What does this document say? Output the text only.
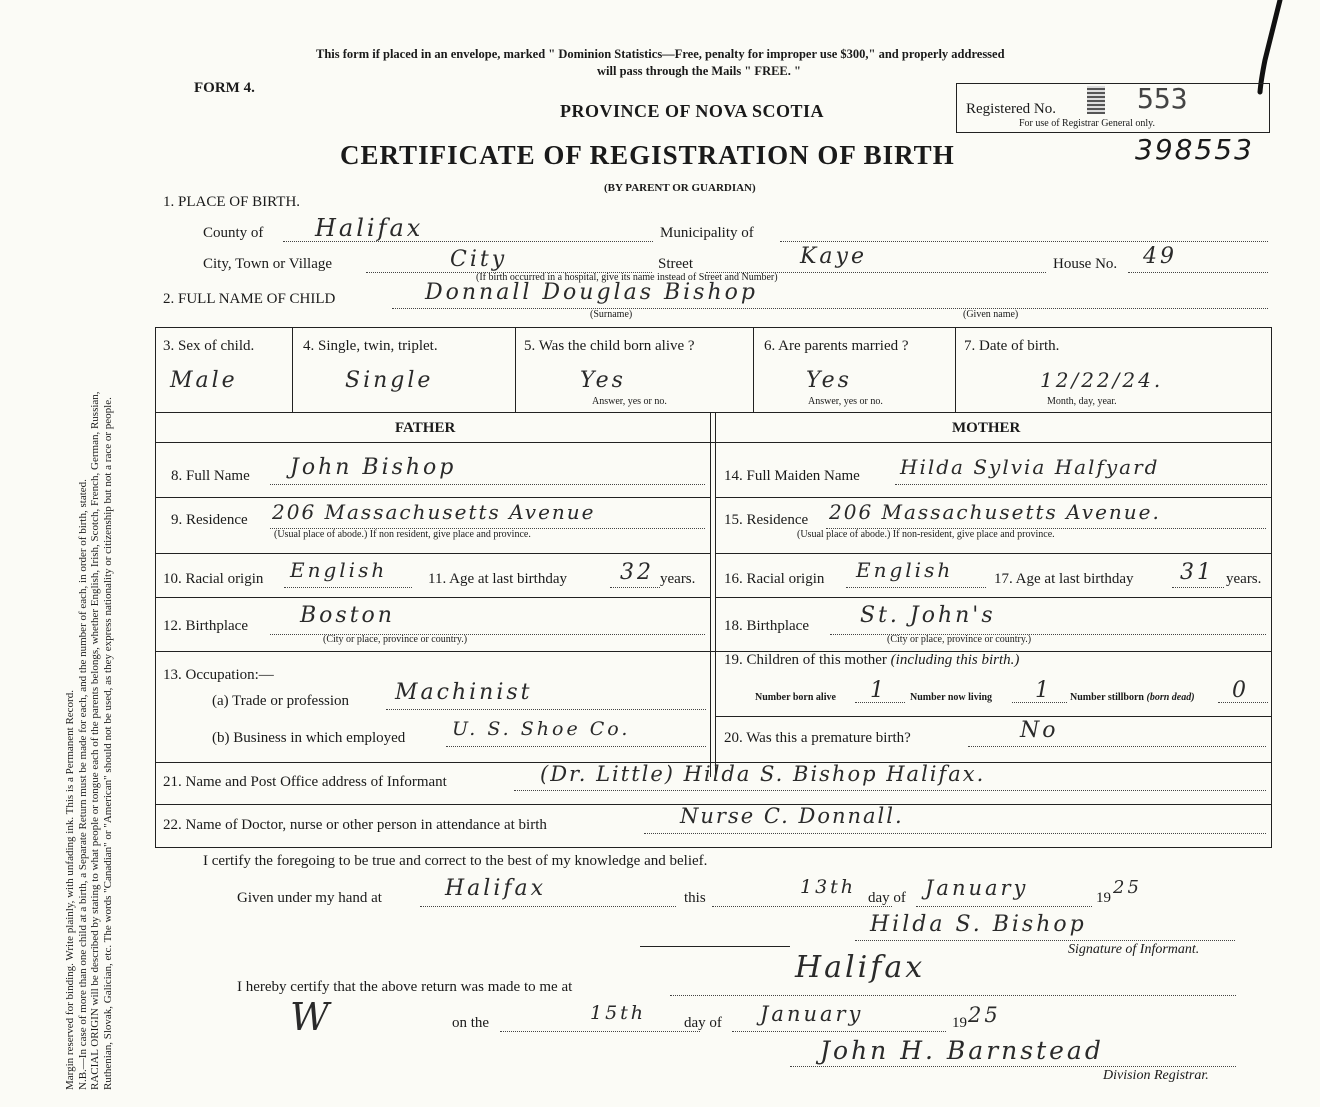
Margin reserved for binding. Write plainly, with unfading ink. This is a Permanent Record. N.B.—In case of more than one child at a birth, a Separate Return must be made for each, and the number of each, in order of birth, stated. RACIAL ORIGIN will be described by stating to what people or tongue each of the parents belongs, whether English, Irish, Scotch, French, German, Russian, Ruthenian, Slovak, Galician, etc. The words "Canadian" or "American" should not be used, as they express nationality or citizenship but not a race or people.
This form if placed in an envelope, marked " Dominion Statistics—Free, penalty for improper use $300," and properly addressed
will pass through the Mails " FREE. "
FORM 4.
PROVINCE OF NOVA SCOTIA
CERTIFICATE OF REGISTRATION OF BIRTH
(BY PARENT OR GUARDIAN)
Registered No.	553
For use of Registrar General only.
398553
1. PLACE OF BIRTH.
County of Halifax	Municipality of
City, Town or Village	City	Street	Kaye	House No. 49
(If birth occurred in a hospital, give its name instead of Street and Number)
2. FULL NAME OF CHILD	Donnall Douglas Bishop
(Surname)	(Given name)
3. Sex of child.
Male
4. Single, twin, triplet.
Single
5. Was the child born alive ?
Yes
Answer, yes or no.
6. Are parents married ?
Yes
Answer, yes or no.
7. Date of birth.
12/22/24.
Month, day, year.
FATHER	MOTHER
8. Full Name John Bishop
9. Residence 206 Massachusetts Avenue
(Usual place of abode.) If non resident, give place and province.
10. Racial origin English	11. Age at last birthday 32 years.
12. Birthplace Boston
(City or place, province or country.)
13. Occupation:—
(a) Trade or profession Machinist
(b) Business in which employed U. S. Shoe Co.
14. Full Maiden Name Hilda Sylvia Halfyard
15. Residence 206 Massachusetts Avenue.
(Usual place of abode.) If non-resident, give place and province.
16. Racial origin English	17. Age at last birthday 31 years.
18. Birthplace St. John's
(City or place, province or country.)
19. Children of this mother (including this birth.)
Number born alive 1 Number now living 1 Number stillborn (born dead) 0
20. Was this a premature birth?	No
21. Name and Post Office address of Informant	(Dr. Little) Hilda S. Bishop Halifax.
22. Name of Doctor, nurse or other person in attendance at birth	Nurse C. Donnall.
I certify the foregoing to be true and correct to the best of my knowledge and belief.
Given under my hand at	Halifax	this	13th day of January	19 25
Hilda S. Bishop
Signature of Informant.
I hereby certify that the above return was made to me at
Halifax
W	on the	15th	day of January	19 25
John H. Barnstead
Division Registrar.
